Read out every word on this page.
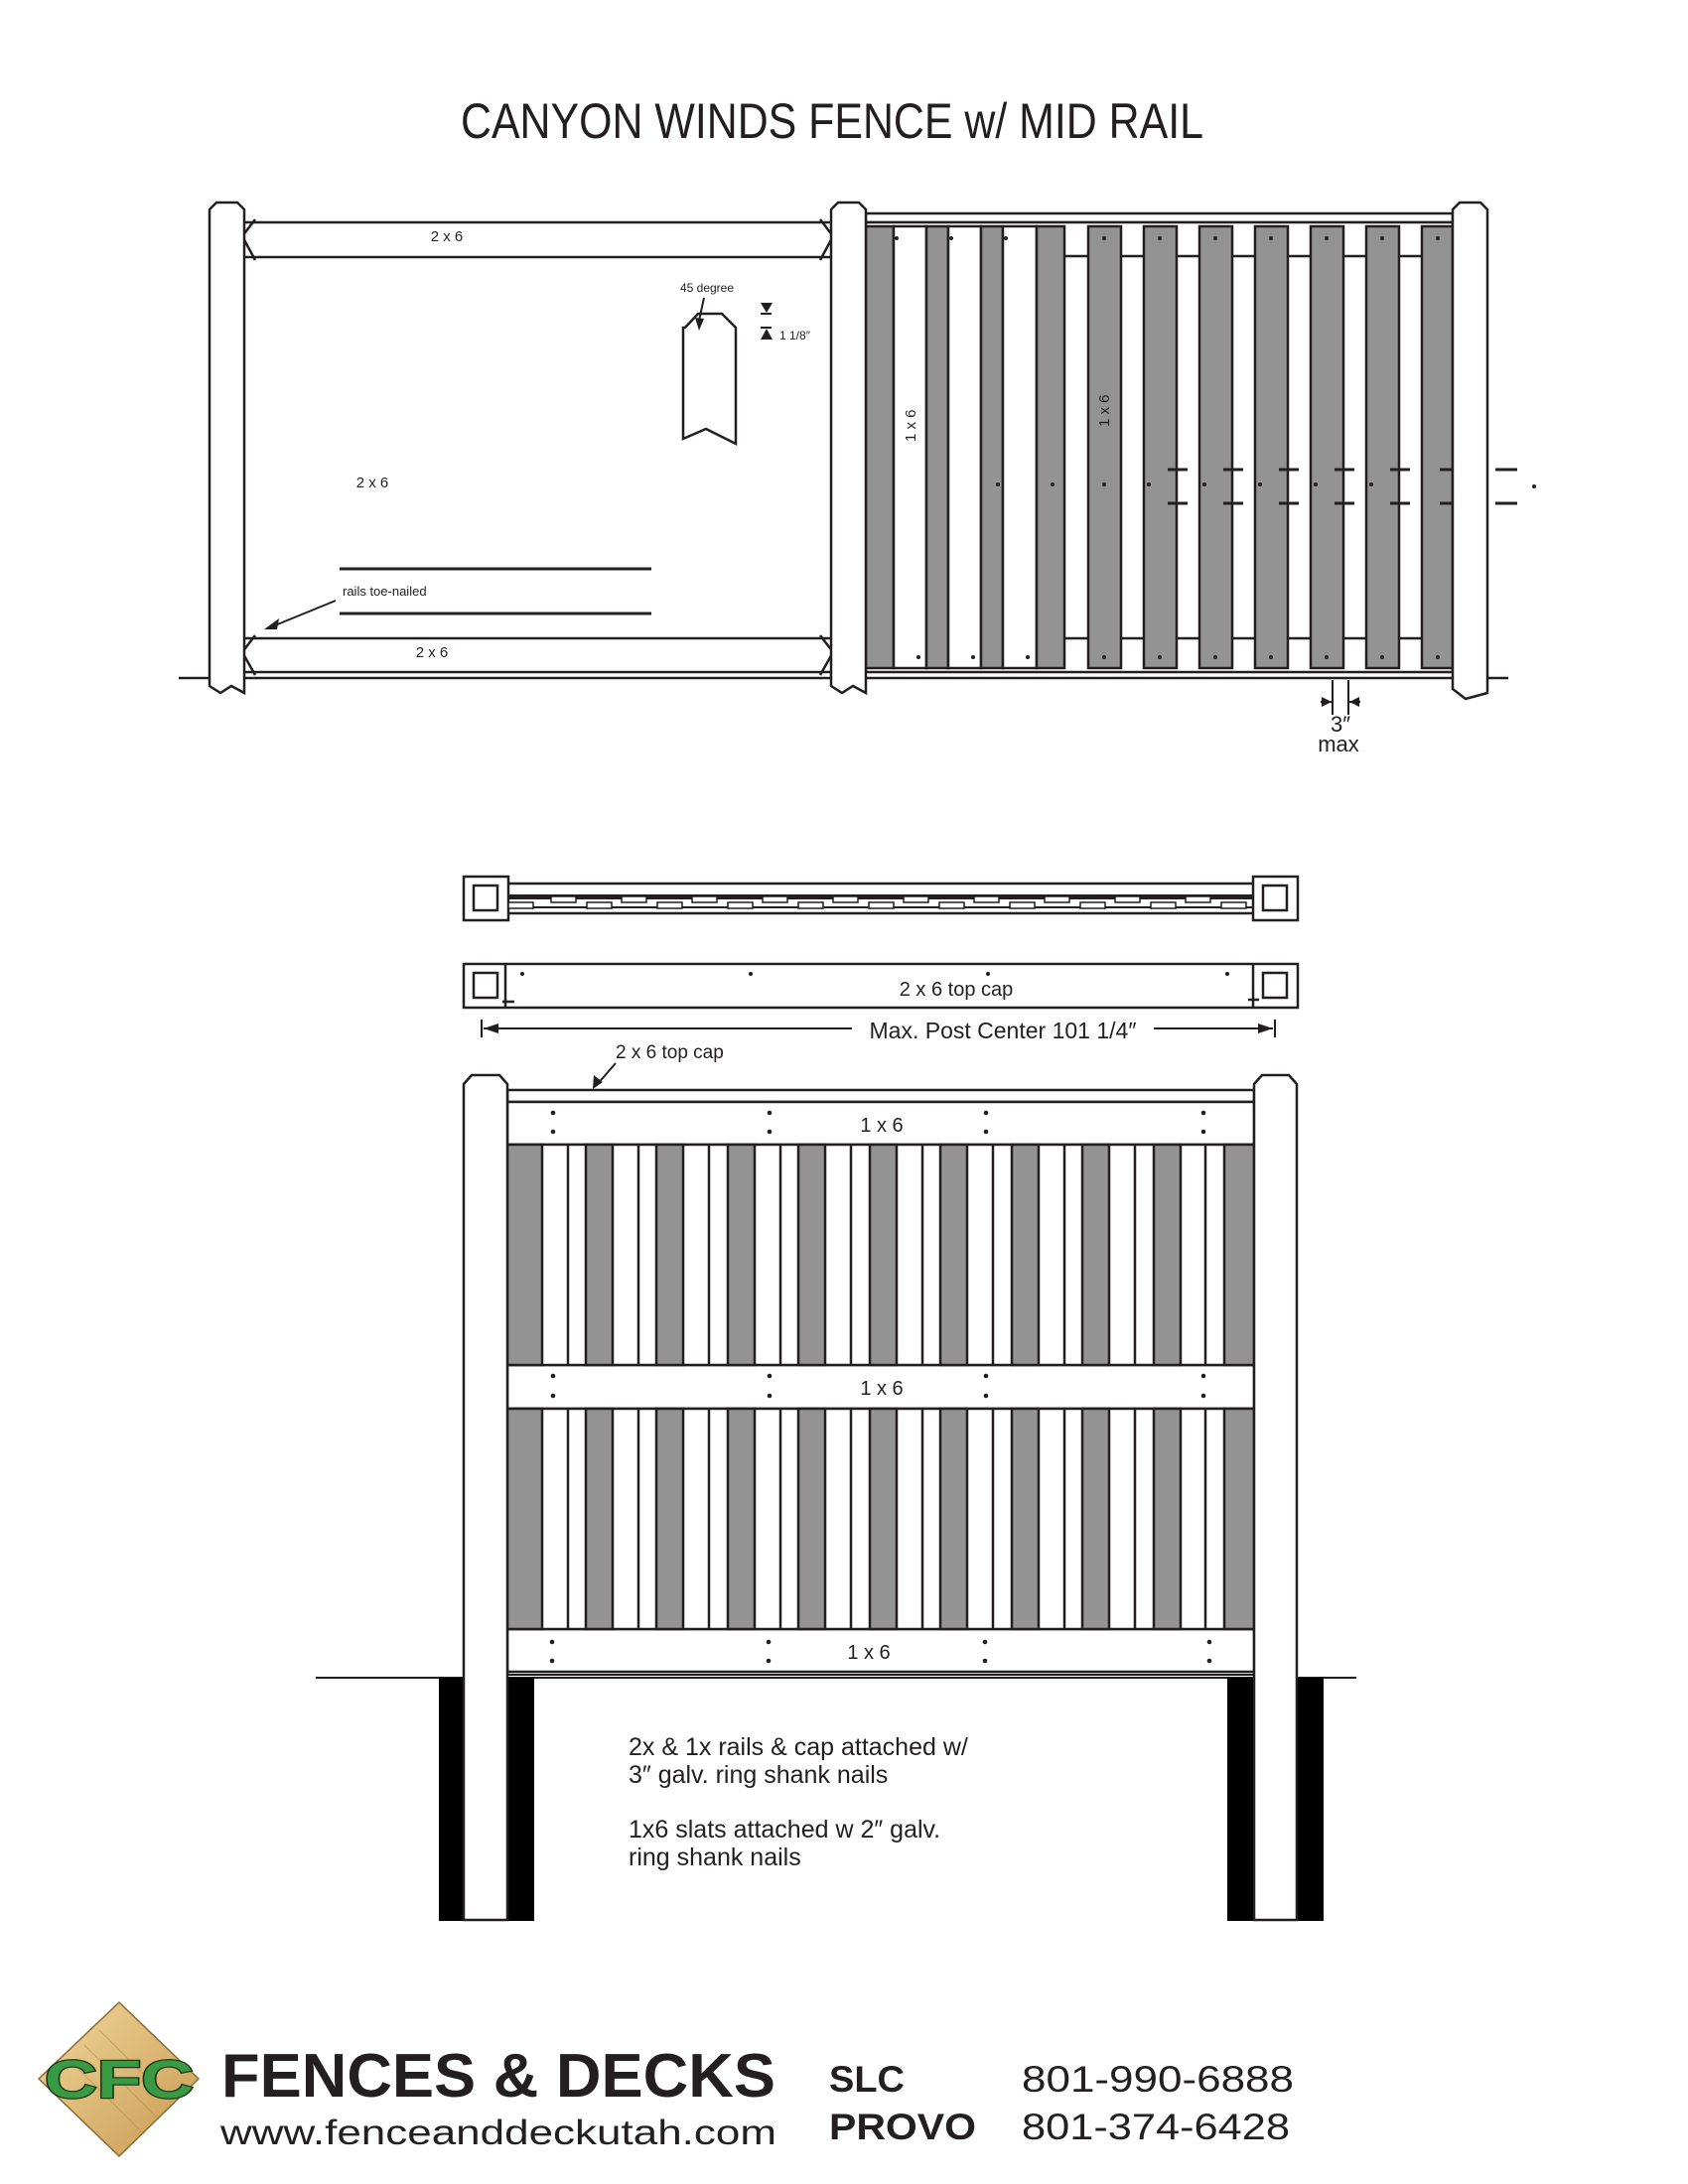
CANYON WINDS FENCE w/ MID RAIL
2 x 6
2 x 6
2 x 6
45 degree
1 1/8″
rails toe-nailed
1 x 6	1 x 6
3″
max
2 x 6 top cap
Max. Post Center 101 1/4″
2 x 6 top cap
1 x 6
1 x 6
1 x 6
2x & 1x rails & cap attached w/
3″ galv. ring shank nails
1x6 slats attached w 2″ galv.
ring shank nails
CFC FENCES & DECKS
www.fenceanddeckutah.com
SLC
PROVO
801-990-6888
801-374-6428
